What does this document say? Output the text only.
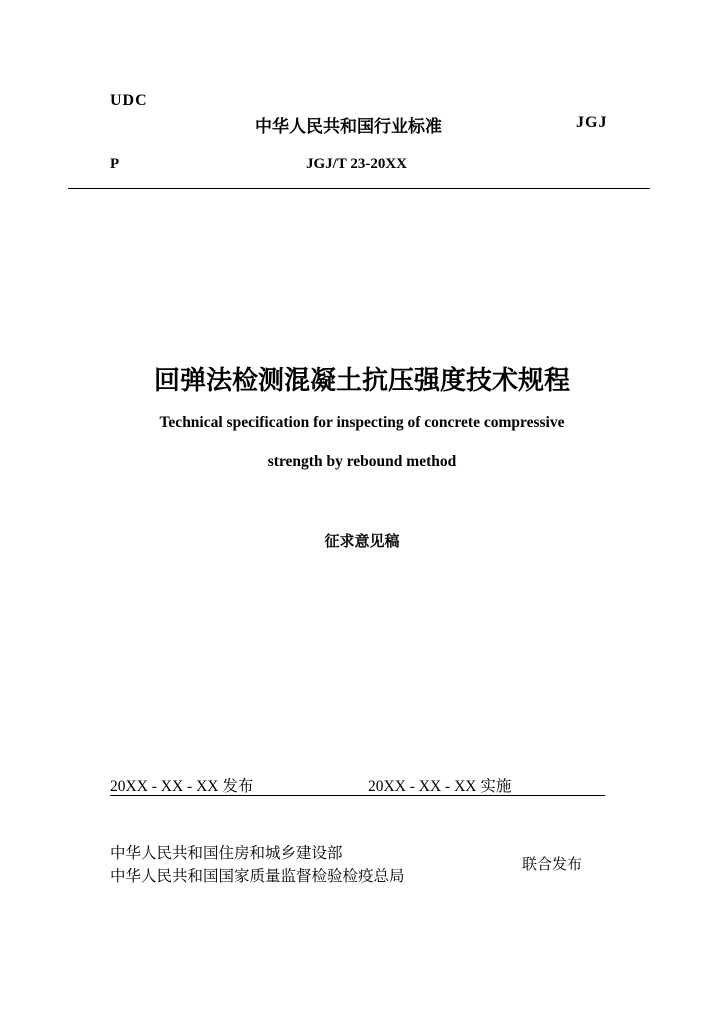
UDC
中华人民共和国行业标准	JGJ
P	JGJ/T 23-20XX
回弹法检测混凝土抗压强度技术规程
Technical specification for inspecting of concrete compressive
strength by rebound method
征求意见稿
20XX - XX - XX 发布	20XX - XX - XX 实施
中华人民共和国住房和城乡建设部
中华人民共和国国家质量监督检验检疫总局
联合发布
